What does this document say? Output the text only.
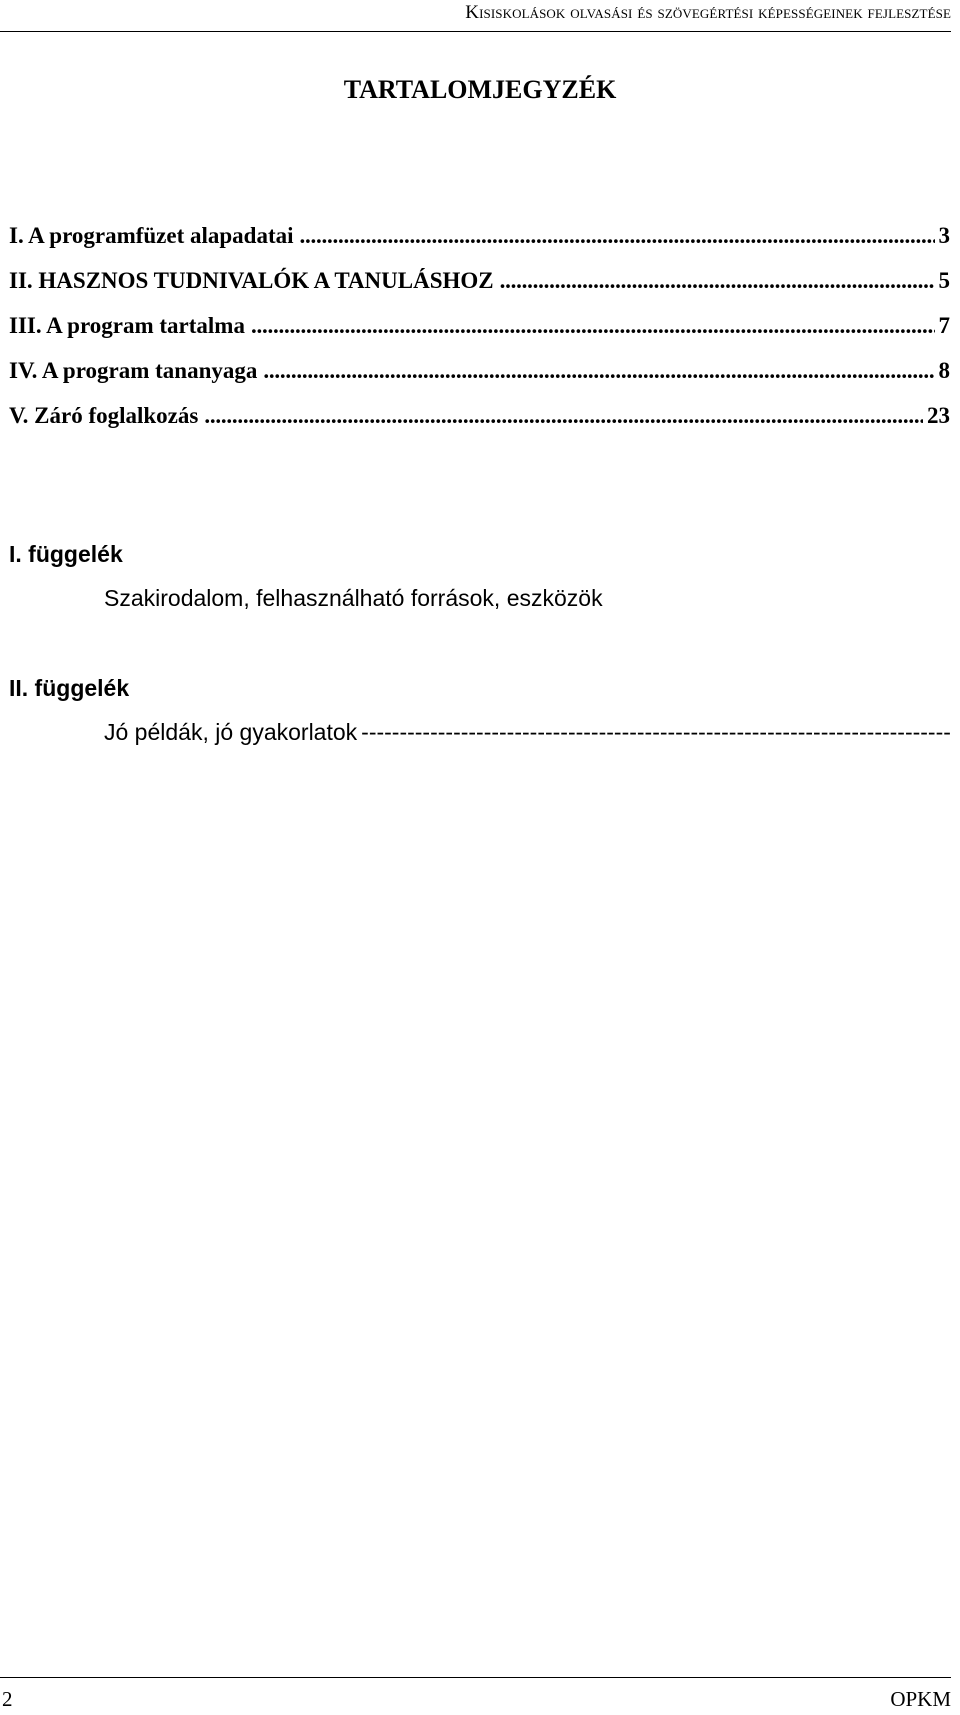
Kisiskolások olvasási és szövegértési képességeinek fejlesztése
TARTALOMJEGYZÉK
I. A programfüzet alapadatai . . .	3
II. HASZNOS TUDNIVALÓK A TANULÁSHOZ . . .	5
III. A program tartalma . . .	7
IV. A program tananyaga . . .	8
V. Záró foglalkozás . . .	23
I. függelék
Szakirodalom, felhasználható források, eszközök
II. függelék
Jó példák, jó gyakorlatok
-----
2	OPKM
